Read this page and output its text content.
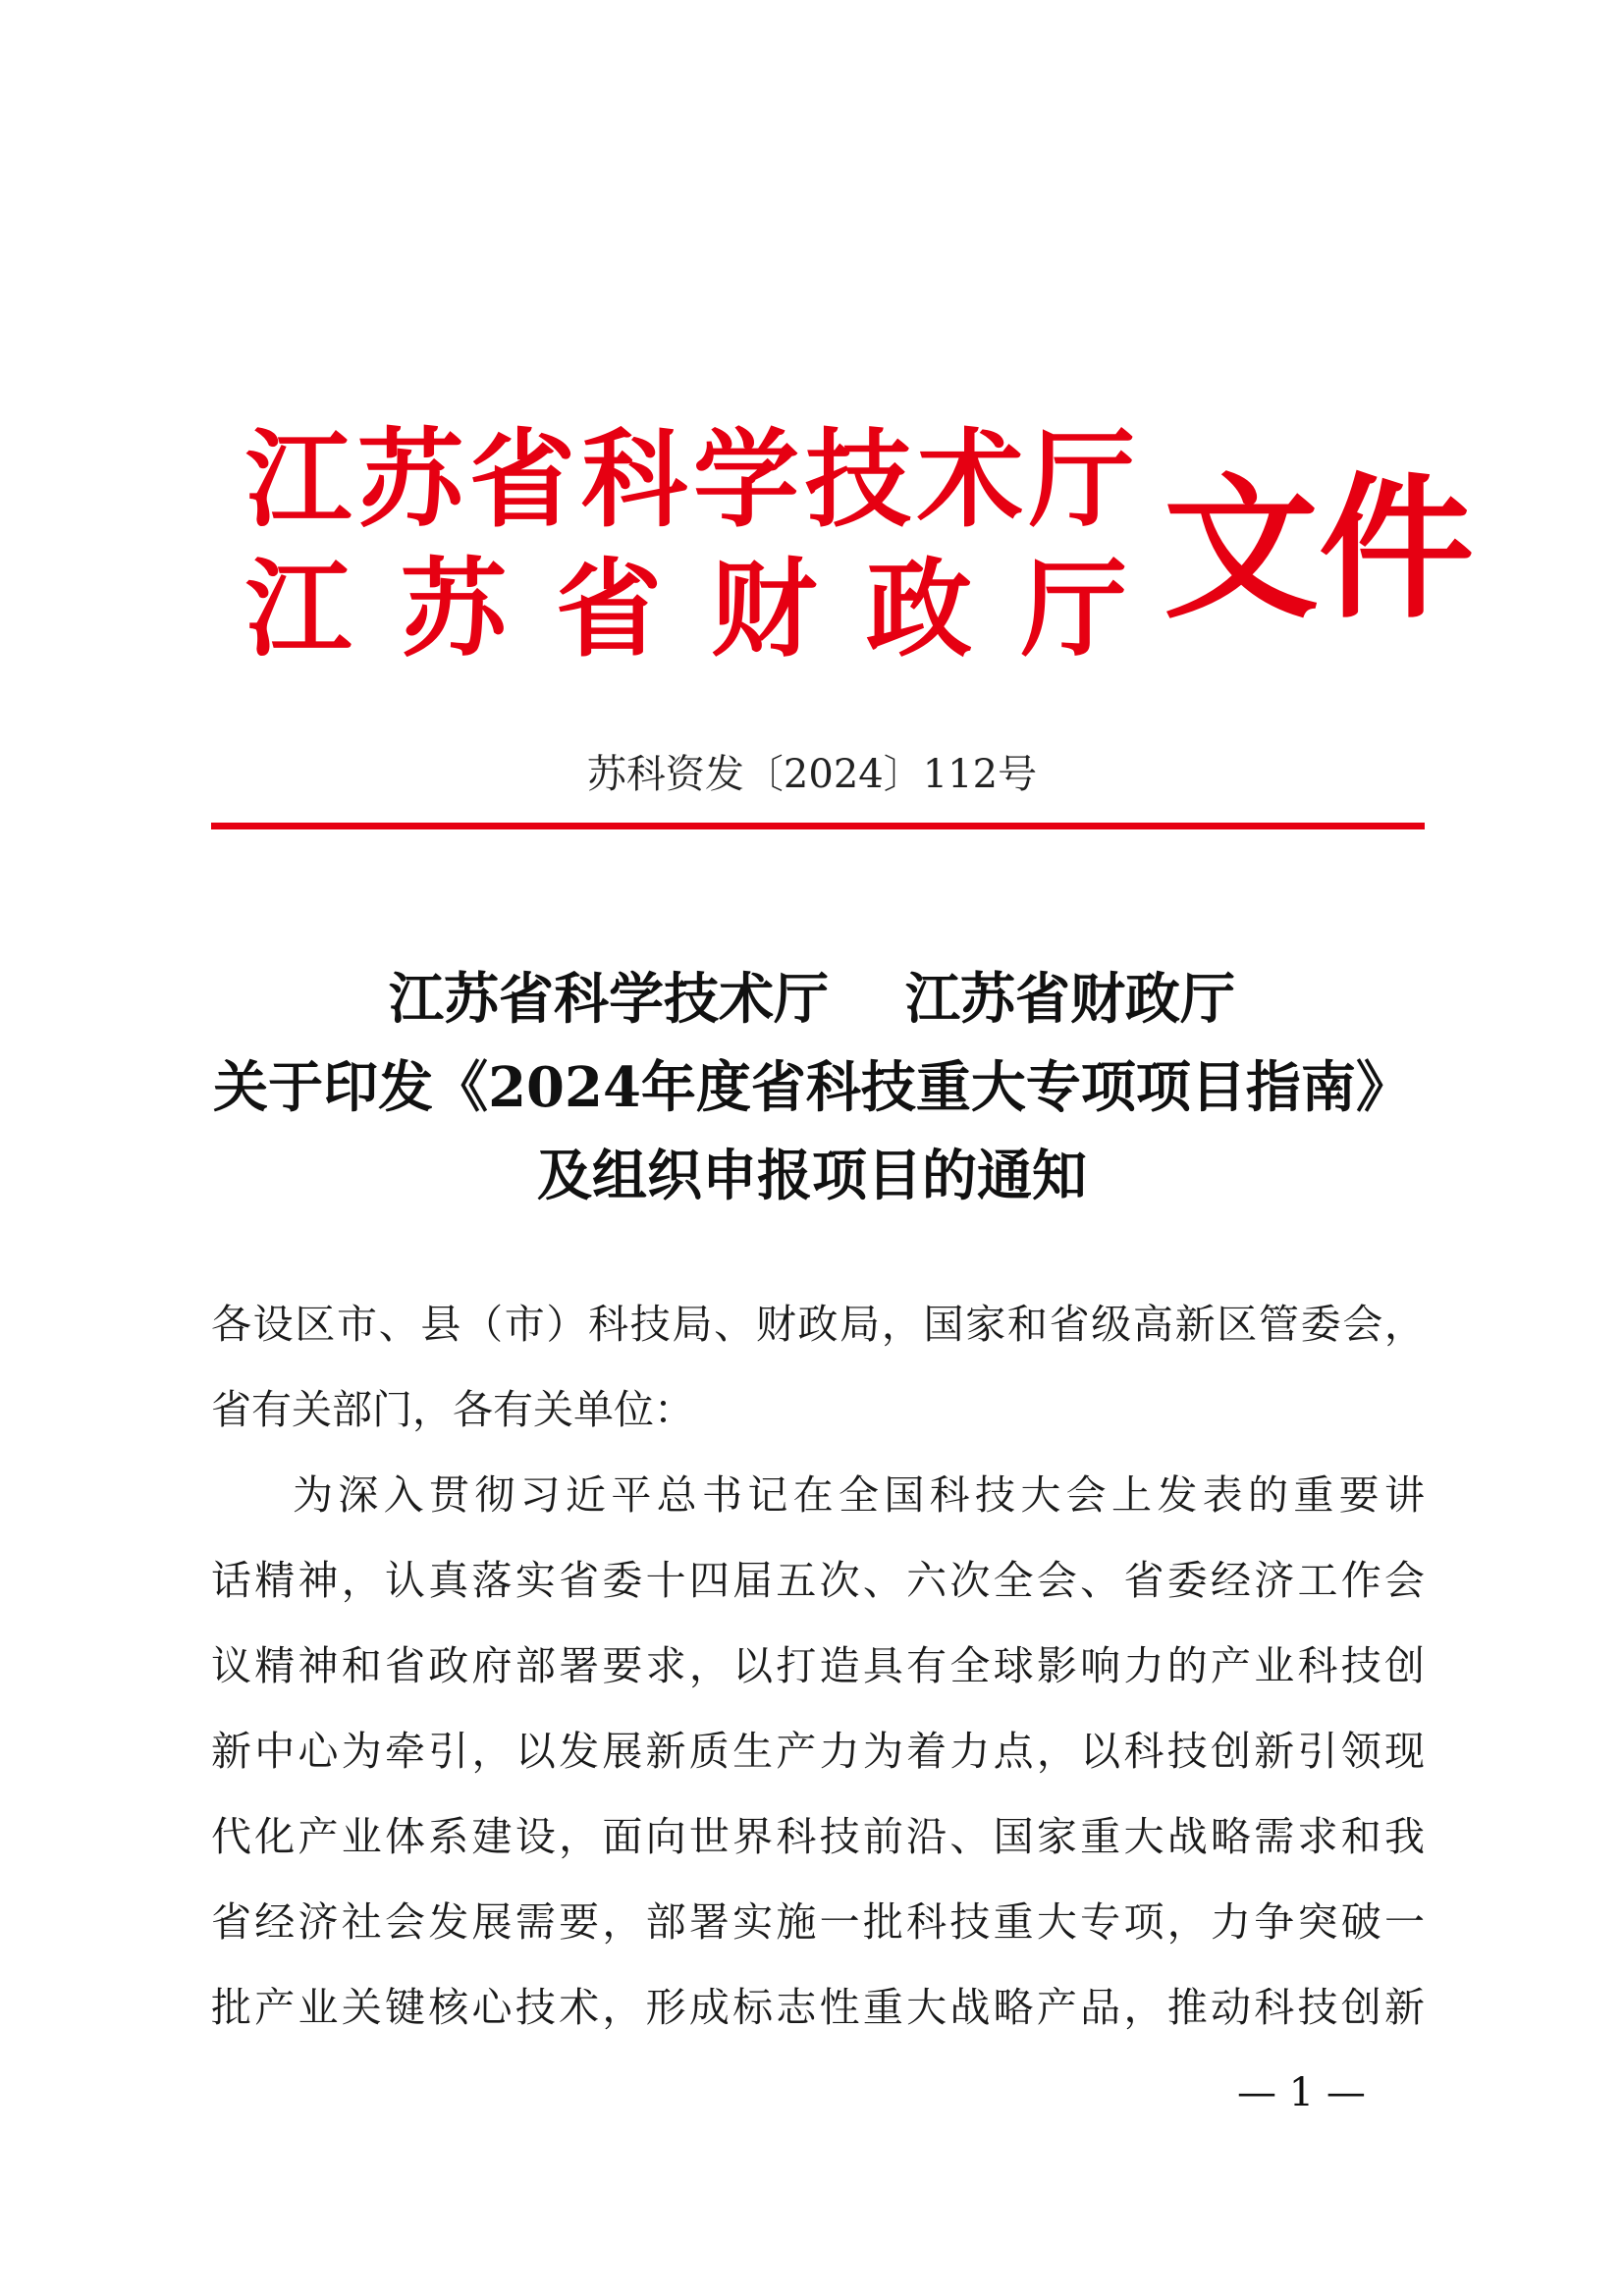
江苏省科学技术厅
江苏省财政厅
文件
苏科资发〔2024〕112号
江苏省科学技术厅    江苏省财政厅
关于印发《2024年度省科技重大专项项目指南》
及组织申报项目的通知
各设区市、县（市）科技局、财政局，国家和省级高新区管委会，
省有关部门，各有关单位：
为深入贯彻习近平总书记在全国科技大会上发表的重要讲
话精神，认真落实省委十四届五次、六次全会、省委经济工作会
议精神和省政府部署要求，以打造具有全球影响力的产业科技创
新中心为牵引，以发展新质生产力为着力点，以科技创新引领现
代化产业体系建设，面向世界科技前沿、国家重大战略需求和我
省经济社会发展需要，部署实施一批科技重大专项，力争突破一
批产业关键核心技术，形成标志性重大战略产品，推动科技创新
— 1 —
